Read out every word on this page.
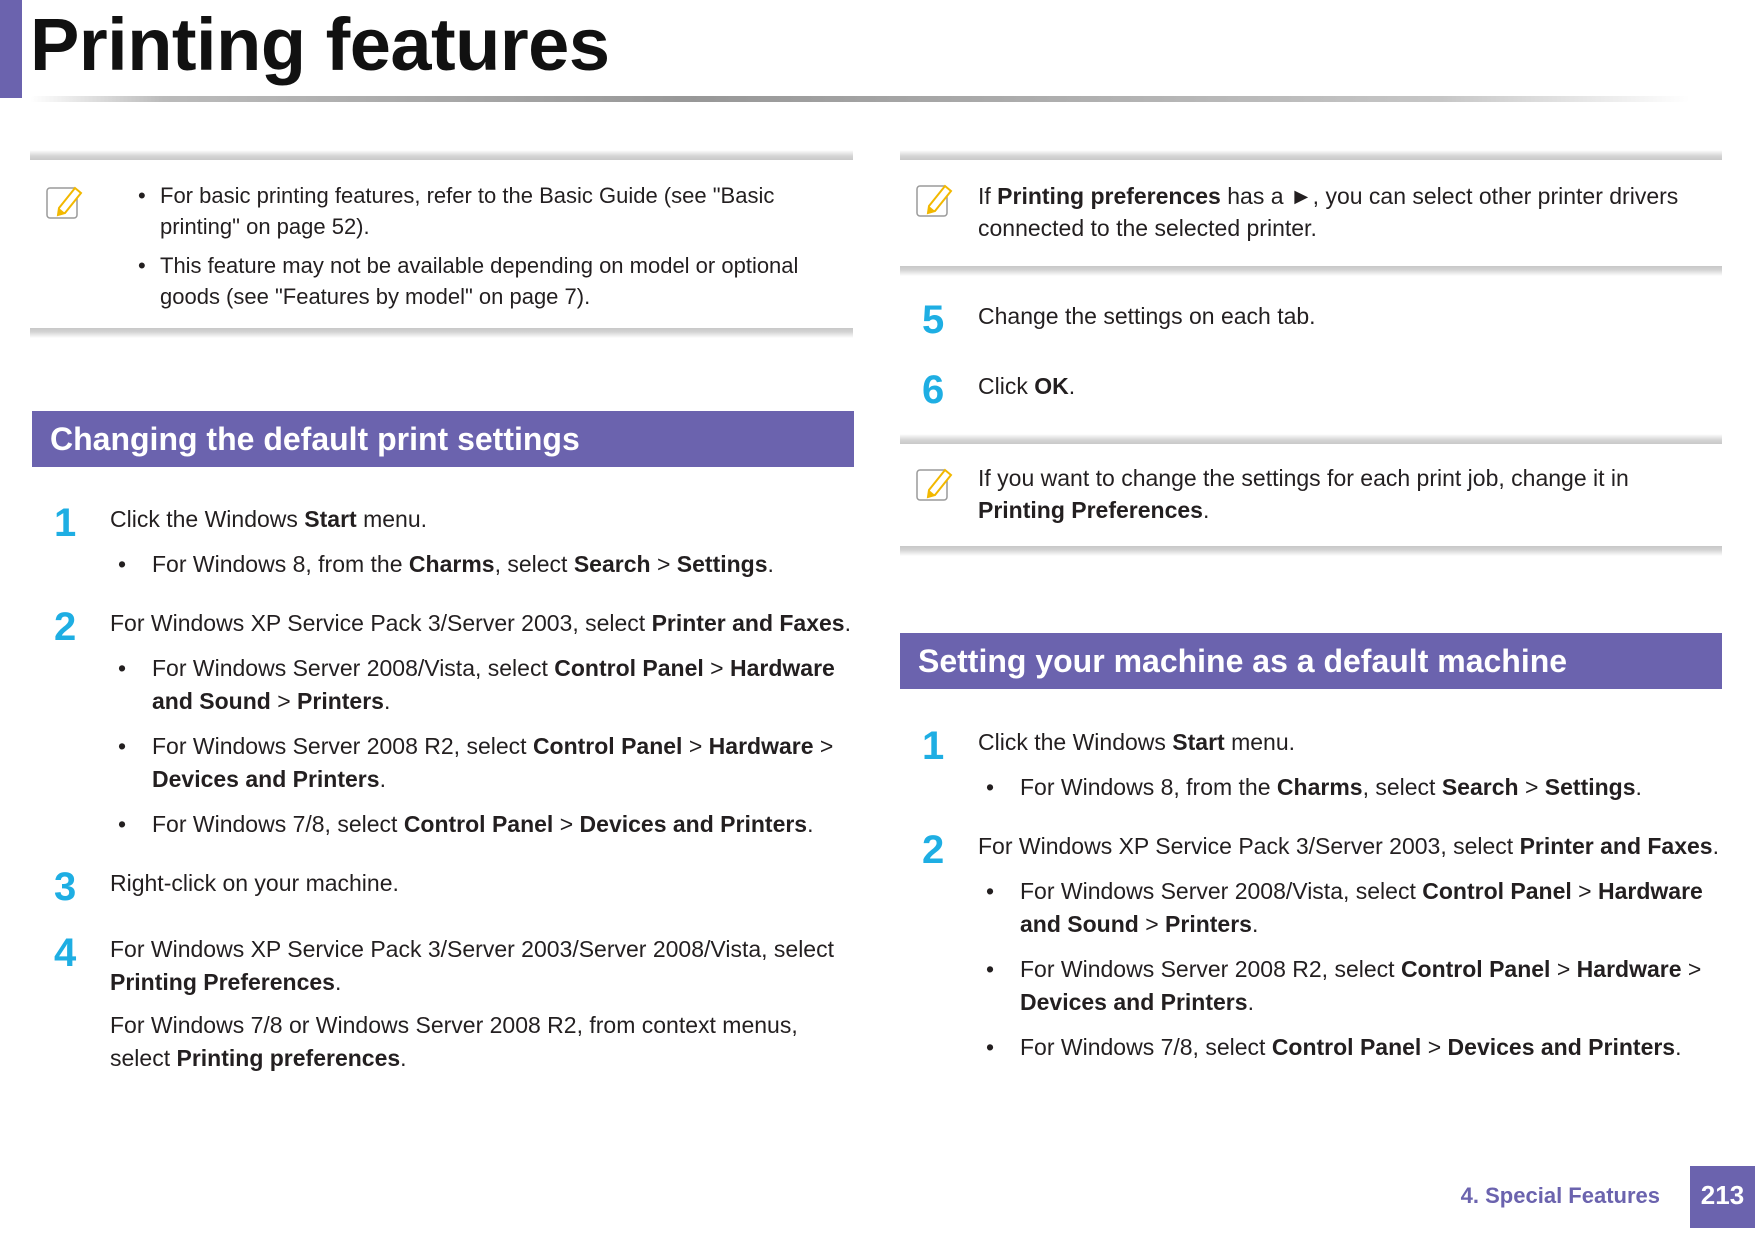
Printing features
• For basic printing features, refer to the Basic Guide (see "Basic printing" on page 52).
• This feature may not be available depending on model or optional goods (see "Features by model" on page 7).
Changing the default print settings
1	Click the Windows Start menu.
• For Windows 8, from the Charms, select Search > Settings.
2	For Windows XP Service Pack 3/Server 2003, select Printer and Faxes.
• For Windows Server 2008/Vista, select Control Panel > Hardware and Sound > Printers.
• For Windows Server 2008 R2, select Control Panel > Hardware > Devices and Printers.
• For Windows 7/8, select Control Panel > Devices and Printers.
3	Right-click on your machine.
4	For Windows XP Service Pack 3/Server 2003/Server 2008/Vista, select Printing Preferences.
For Windows 7/8 or Windows Server 2008 R2, from context menus, select Printing preferences.
If Printing preferences has a ►, you can select other printer drivers connected to the selected printer.
5	Change the settings on each tab.
6	Click OK.
If you want to change the settings for each print job, change it in Printing Preferences.
Setting your machine as a default machine
1	Click the Windows Start menu.
• For Windows 8, from the Charms, select Search > Settings.
2	For Windows XP Service Pack 3/Server 2003, select Printer and Faxes.
• For Windows Server 2008/Vista, select Control Panel > Hardware and Sound > Printers.
• For Windows Server 2008 R2, select Control Panel > Hardware > Devices and Printers.
• For Windows 7/8, select Control Panel > Devices and Printers.
4. Special Features	213
